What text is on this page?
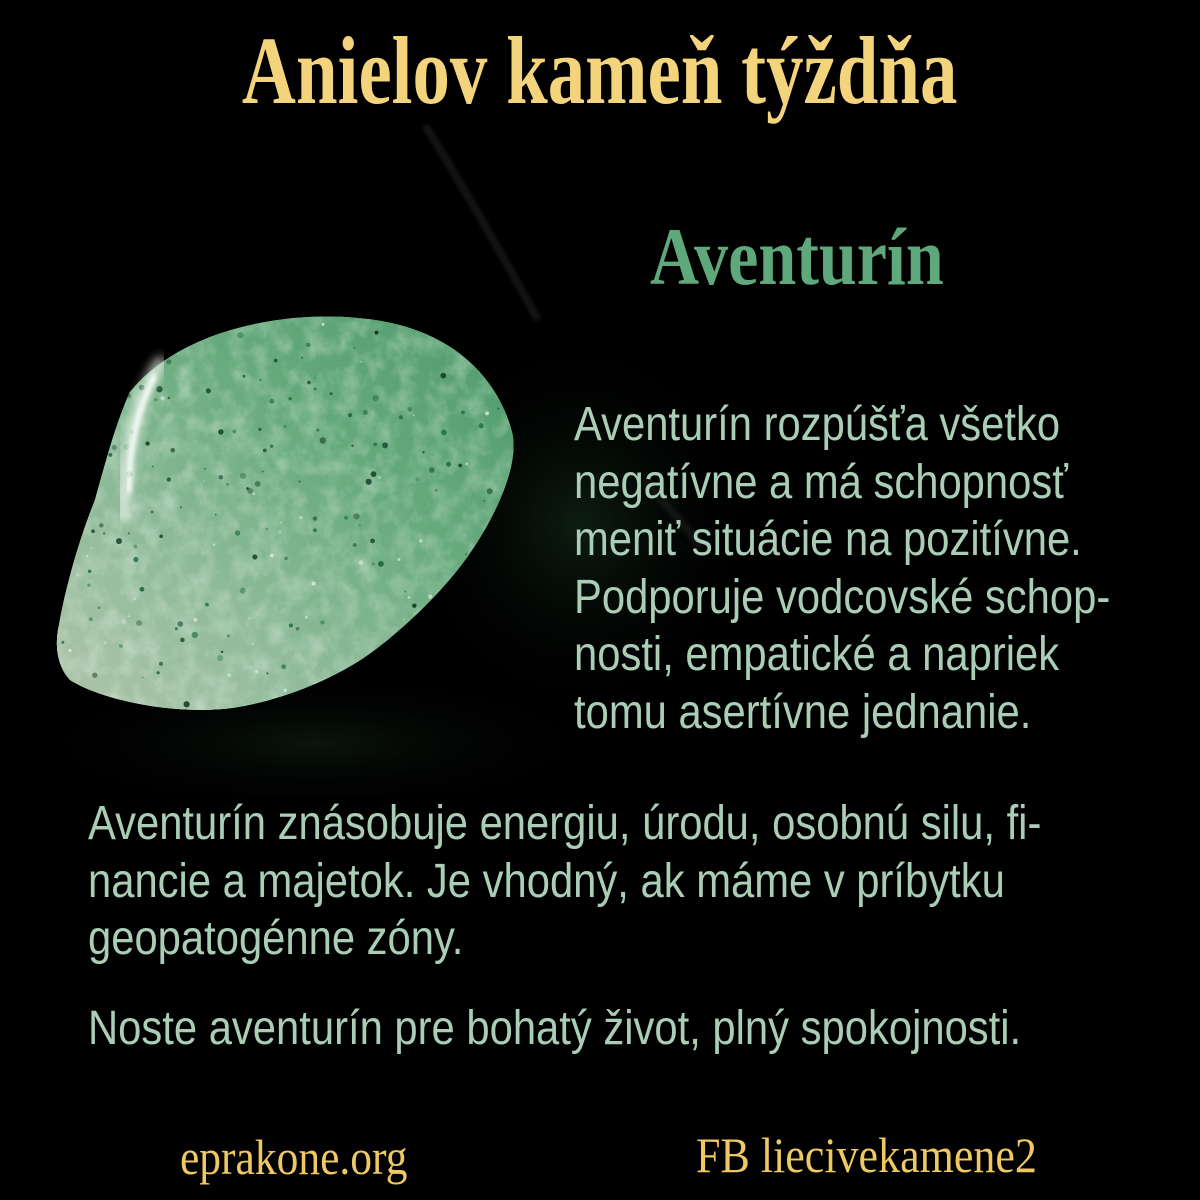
Anielov kameň týždňa
Aventurín
Aventurín rozpúšťa všetko
negatívne a má schopnosť
meniť situácie na pozitívne.
Podporuje vodcovské schop-
nosti, empatické a napriek
tomu asertívne jednanie.
Aventurín znásobuje energiu, úrodu, osobnú silu, fi-
nancie a majetok. Je vhodný, ak máme v príbytku
geopatogénne zóny.
Noste aventurín pre bohatý život, plný spokojnosti.
eprakone.org	FB liecivekamene2
